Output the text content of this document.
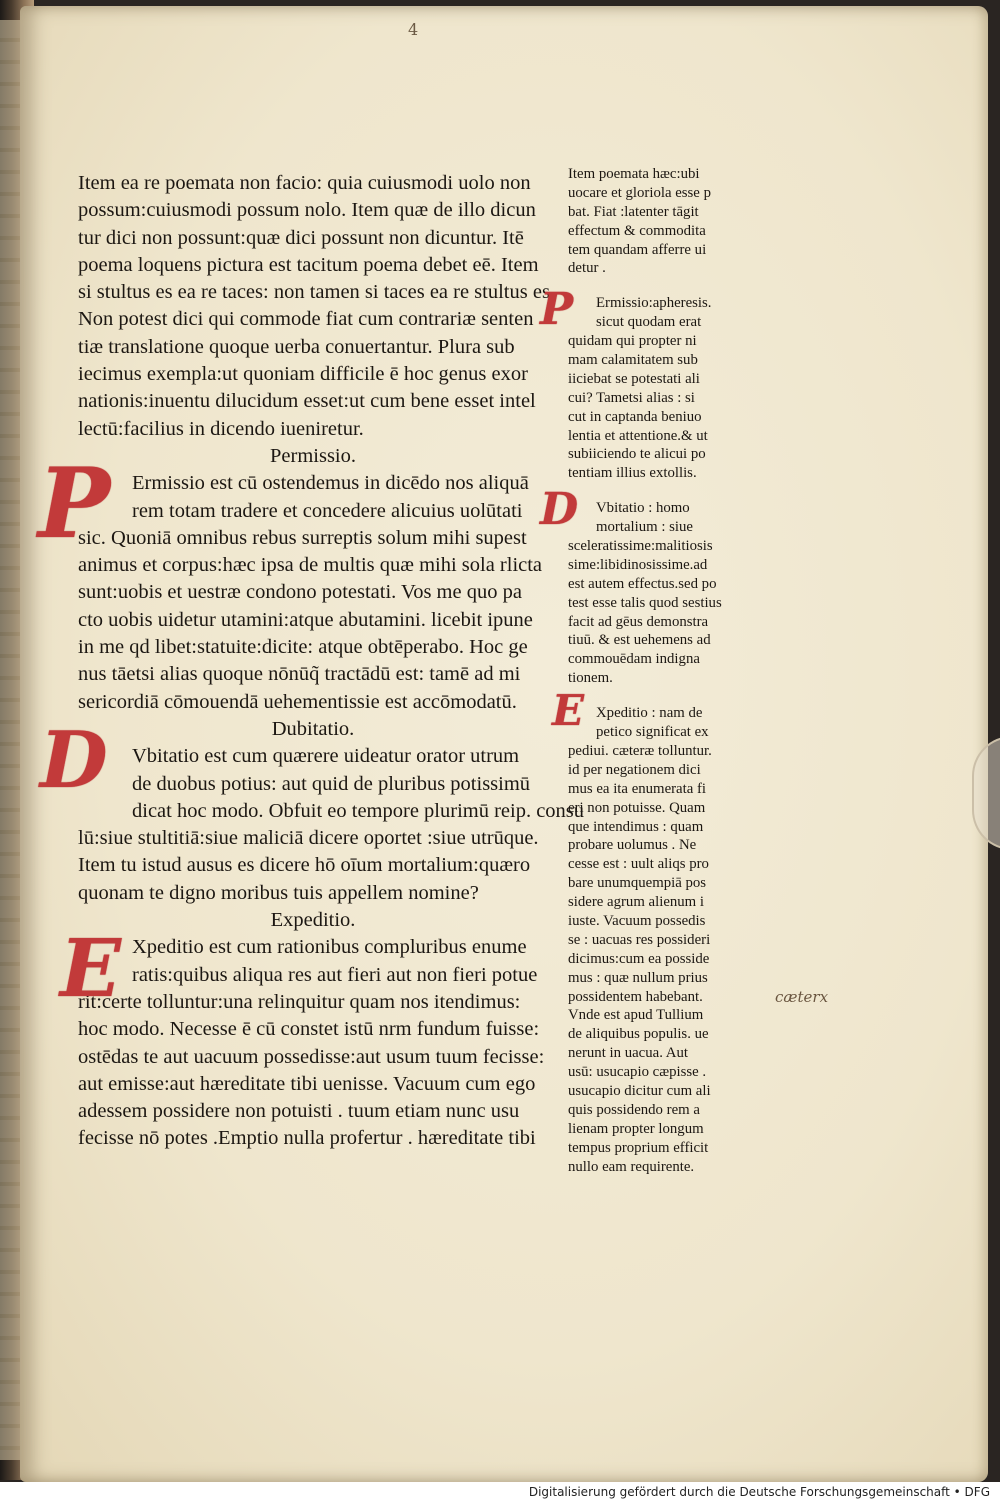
4
Item ea re poemata non facio: quia cuiusmodi uolo non
possum:cuiusmodi possum nolo. Item quæ de illo dicun
tur dici non possunt:quæ dici possunt non dicuntur. Itē
poema loquens pictura est tacitum poema debet eē. Item
si stultus es ea re taces: non tamen si taces ea re stultus es.
Non potest dici qui commode fiat cum contrariæ senten
tiæ translatione quoque uerba conuertantur. Plura sub
iecimus exempla:ut quoniam difficile ē hoc genus exor
nationis:inuentu dilucidum esset:ut cum bene esset intel
lectū:facilius in dicendo iueniretur.
Permissio.
Ermissio est cū ostendemus in dicēdo nos aliquā
rem totam tradere et concedere alicuius uolūtati
sic. Quoniā omnibus rebus surreptis solum mihi supest
animus et corpus:hæc ipsa de multis quæ mihi sola rlicta
sunt:uobis et uestræ condono potestati. Vos me quo pa
cto uobis uidetur utamini:atque abutamini. licebit ipune
in me qd libet:statuite:dicite: atque obtēperabo. Hoc ge
nus tāetsi alias quoque nōnūq̃ tractādū est: tamē ad mi
sericordiā cōmouendā uehementissie est accōmodatū.
Dubitatio.
Vbitatio est cum quærere uideatur orator utrum
de duobus potius: aut quid de pluribus potissimū
dicat hoc modo. Obfuit eo tempore plurimū reip. consu
lū:siue stultitiā:siue maliciā dicere oportet :siue utrūque.
Item tu istud ausus es dicere hō oīum mortalium:quæro
quonam te digno moribus tuis appellem nomine?
Expeditio.
Xpeditio est cum rationibus compluribus enume
ratis:quibus aliqua res aut fieri aut non fieri potue
rit:certe tolluntur:una relinquitur quam nos itendimus:
hoc modo. Necesse ē cū constet istū nrm fundum fuisse:
ostēdas te aut uacuum possedisse:aut usum tuum fecisse:
aut emisse:aut hæreditate tibi uenisse. Vacuum cum ego
adessem possidere non potuisti . tuum etiam nunc usu
fecisse nō potes .Emptio nulla profertur . hæreditate tibi
Item poemata hæc:ubi
uocare et gloriola esse p
bat. Fiat :latenter tāgit
effectum & commodita
tem quandam afferre ui
detur .
Ermissio:apheresis.
sicut quodam erat
quidam qui propter ni
mam calamitatem sub
iiciebat se potestati ali
cui? Tametsi alias : si
cut in captanda beniuo
lentia et attentione.& ut
subiiciendo te alicui po
tentiam illius extollis.
Vbitatio : homo
mortalium : siue
sceleratissime:malitiosis
sime:libidinosissime.ad
est autem effectus.sed po
test esse talis quod sestius
facit ad gēus demonstra
tiuū. & est uehemens ad
commouēdam indigna
tionem.
Xpeditio : nam de
petico significat ex
pediui. cæteræ tolluntur.
id per negationem dici
mus ea ita enumerata fi
eri non potuisse. Quam
que intendimus : quam
probare uolumus . Ne
cesse est : uult aliqs pro
bare unumquempiā pos
sidere agrum alienum i
iuste. Vacuum possedis
se : uacuas res possideri
dicimus:cum ea posside
mus : quæ nullum prius
possidentem habebant.
Vnde est apud Tullium
de aliquibus populis. ue
nerunt in uacua. Aut
usū: usucapio cæpisse .
usucapio dicitur cum ali
quis possidendo rem a
lienam propter longum
tempus proprium efficit
nullo eam requirente.
P
D
E
P
D
E
cæterx
Digitalisierung gefördert durch die Deutsche Forschungsgemeinschaft • DFG
